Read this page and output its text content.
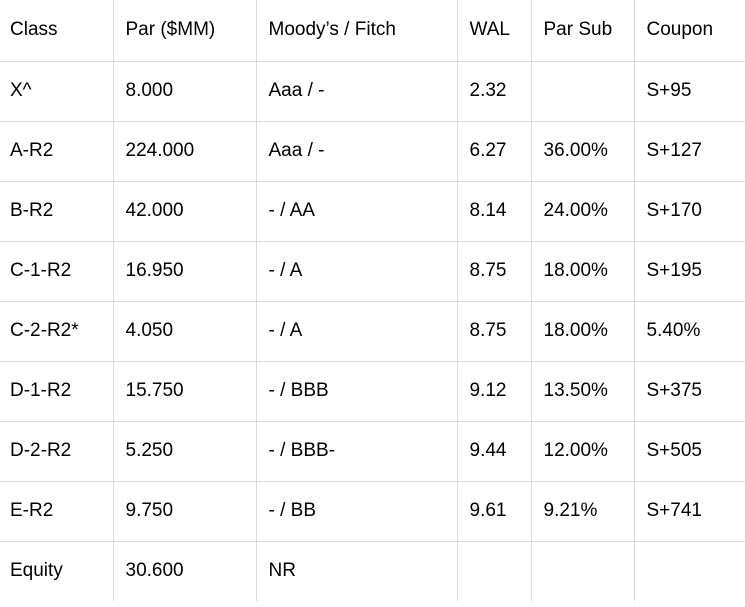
Class	Par ($MM)	Moody’s / Fitch	WAL	Par Sub	Coupon
X^	8.000	Aaa / -	2.32		S+95
A-R2	224.000	Aaa / -	6.27	36.00%	S+127
B-R2	42.000	- / AA	8.14	24.00%	S+170
C-1-R2	16.950	- / A	8.75	18.00%	S+195
C-2-R2*	4.050	- / A	8.75	18.00%	5.40%
D-1-R2	15.750	- / BBB	9.12	13.50%	S+375
D-2-R2	5.250	- / BBB-	9.44	12.00%	S+505
E-R2	9.750	- / BB	9.61	9.21%	S+741
Equity	30.600	NR			
